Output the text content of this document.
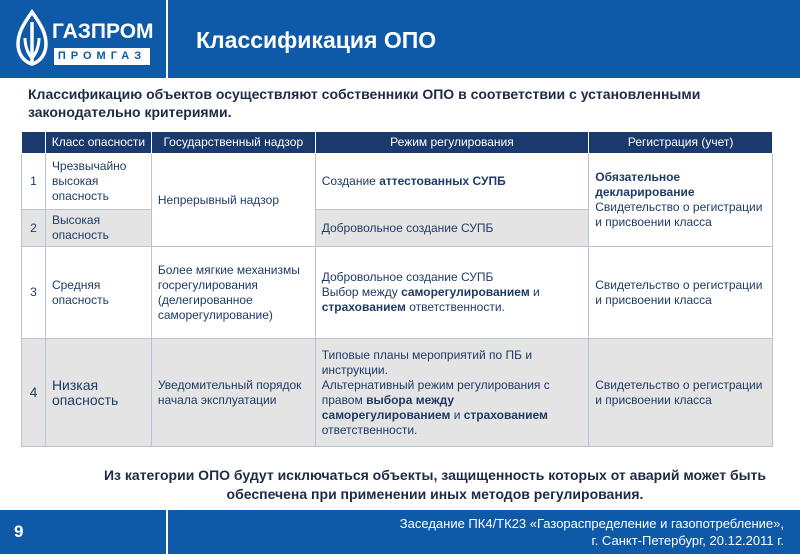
ГАЗПРОМ
ПРОМГАЗ
Классификация ОПО
Классификацию объектов осуществляют собственники ОПО в соответствии с установленными законодательно критериями.
	Класс опасности	Государственный надзор	Режим регулирования	Регистрация (учет)
1	Чрезвычайно высокая опасность	Непрерывный надзор	Создание аттестованных СУПБ	Обязательное декларирование
Свидетельство о регистрации и присвоении класса
2	Высокая опасность		Добровольное создание СУПБ	
3	Средняя опасность	Более мягкие механизмы госрегулирования (делегированное саморегулирование)	Добровольное создание СУПБ
Выбор между саморегулированием и страхованием ответственности.	Свидетельство о регистрации и присвоении класса
4	Низкая опасность	Уведомительный порядок начала эксплуатации	Типовые планы мероприятий по ПБ и инструкции.
Альтернативный режим регулирования с правом выбора между саморегулированием и страхованием ответственности.	Свидетельство о регистрации и присвоении класса
Из категории ОПО будут исключаться объекты, защищенность которых от аварий может быть обеспечена при применении иных методов регулирования.
9	Заседание ПК4/ТК23 «Газораспределение и газопотребление»,
г. Санкт-Петербург, 20.12.2011 г.
